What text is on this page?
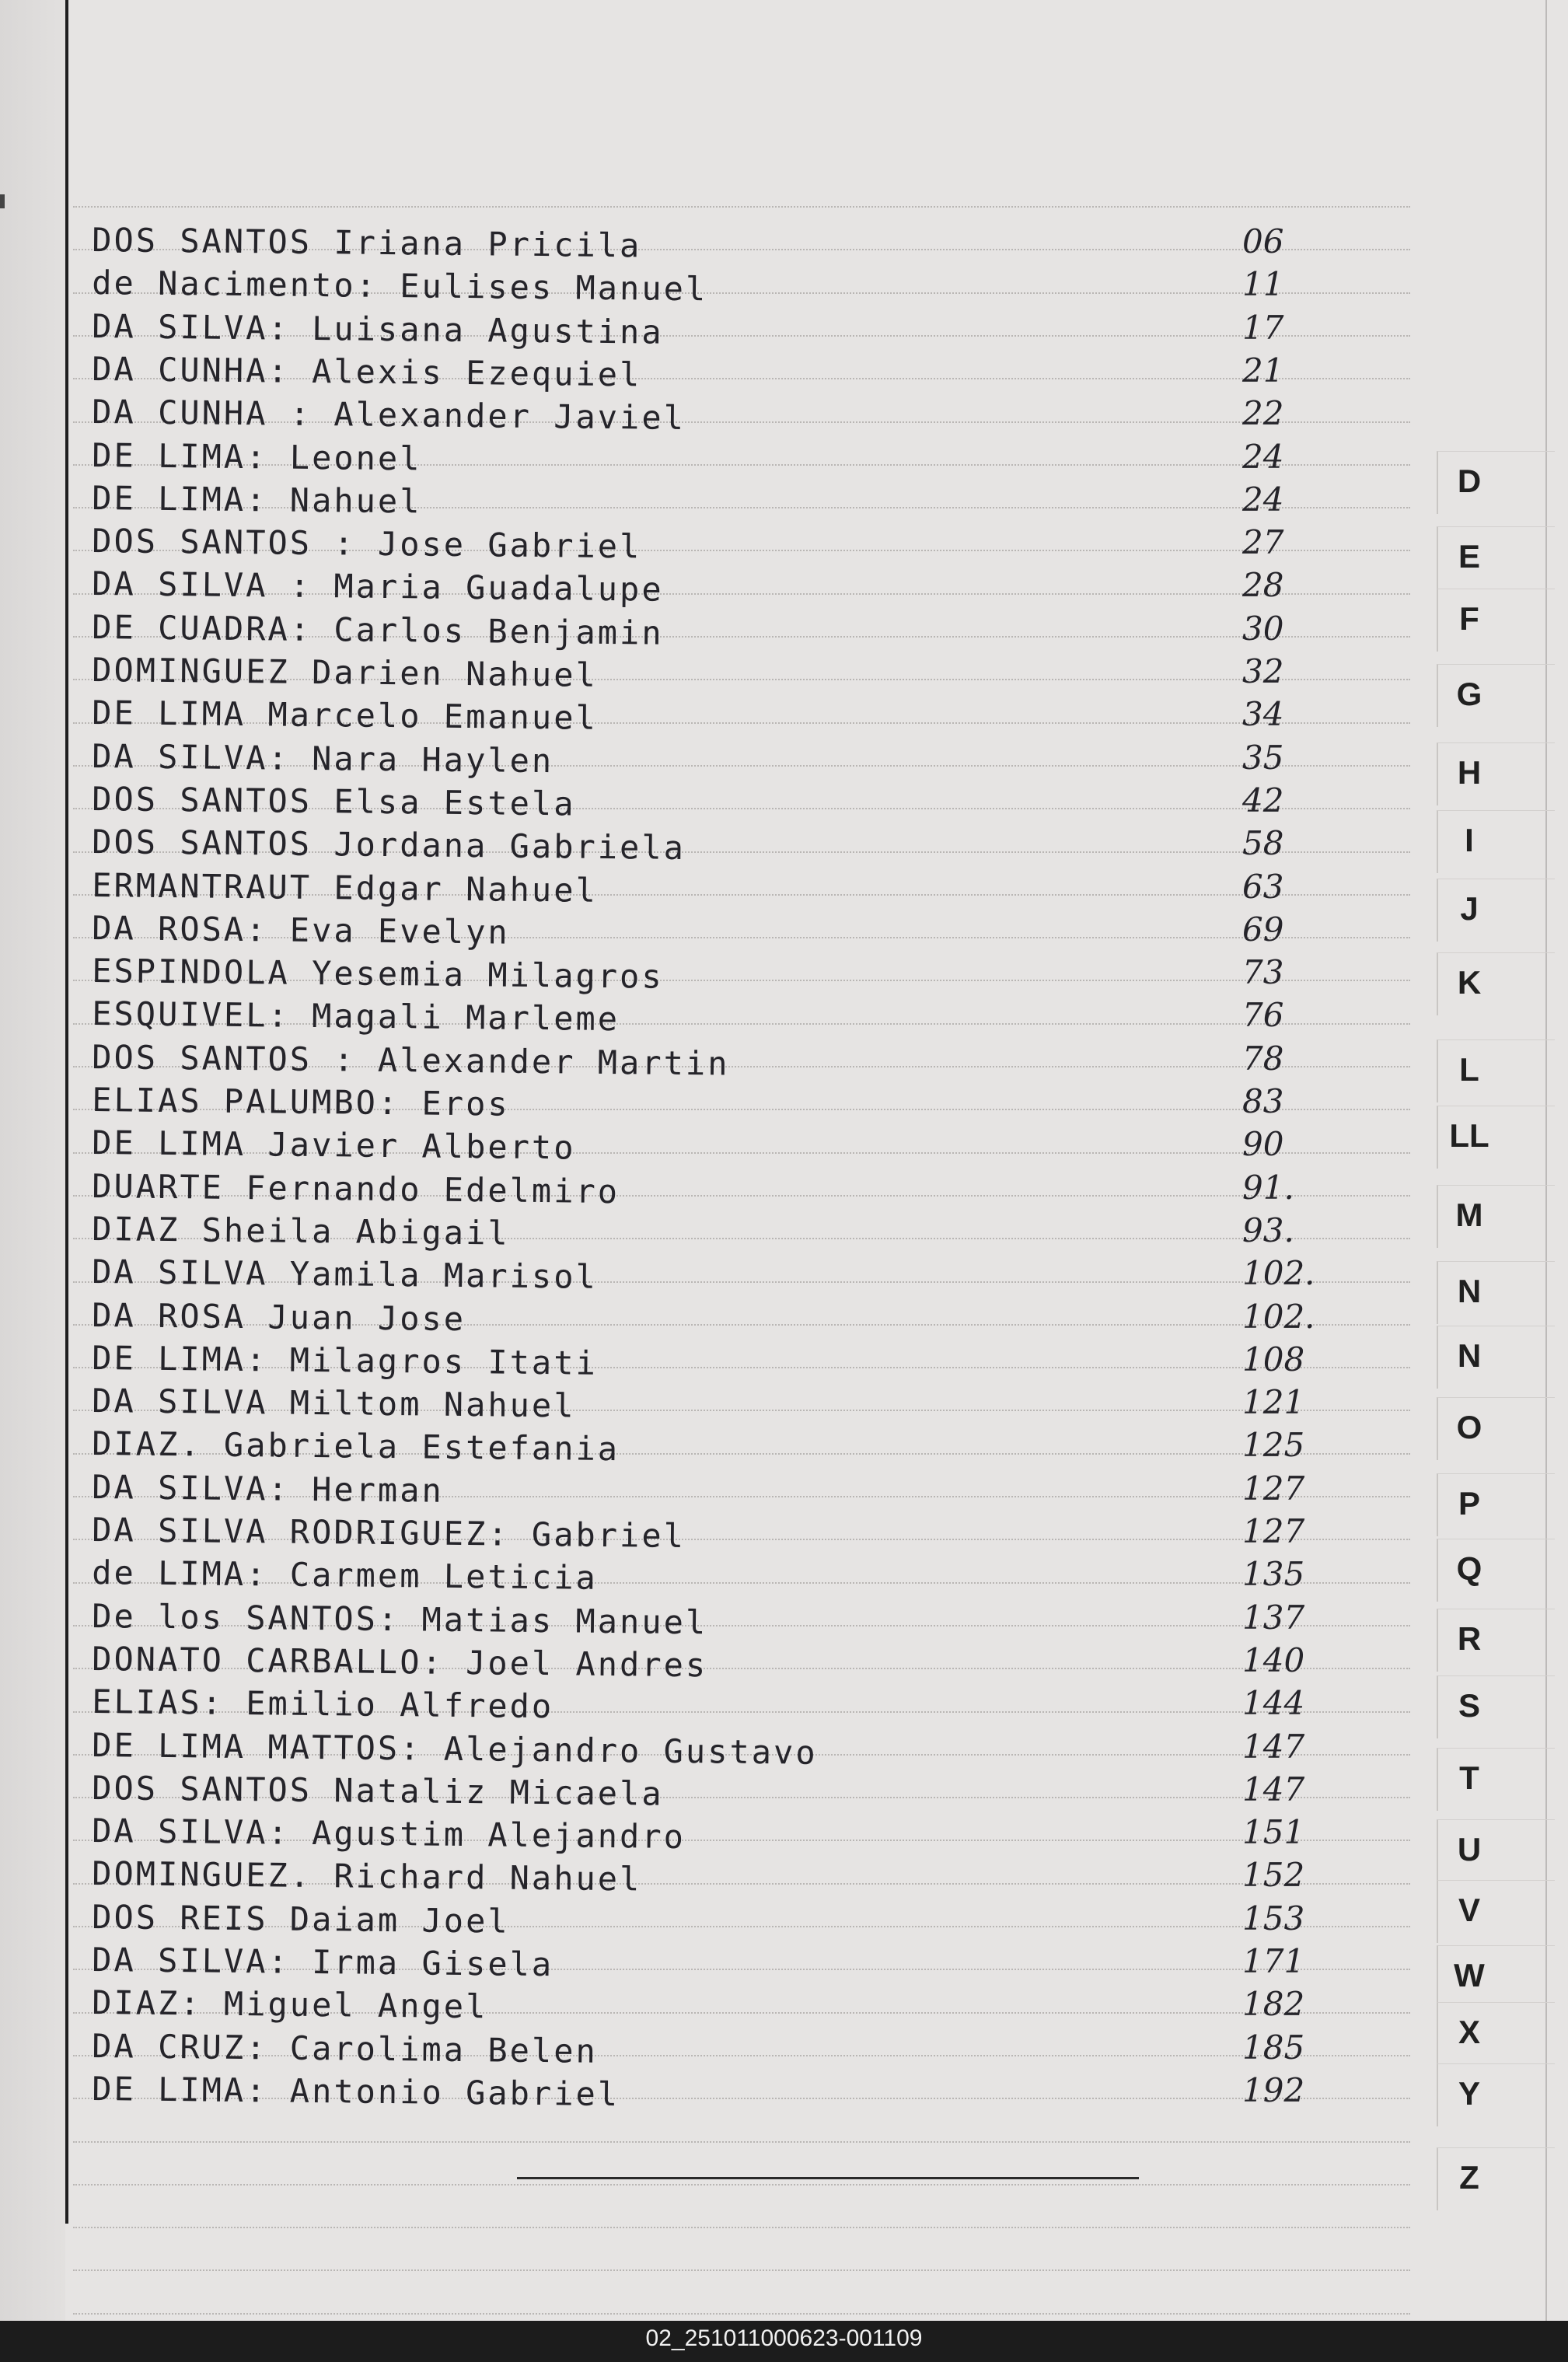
DOS SANTOS Iriana Pricila	06
de Nacimento: Eulises Manuel	11
DA SILVA: Luisana Agustina	17
DA CUNHA: Alexis Ezequiel	21
DA CUNHA : Alexander Javiel	22
DE LIMA: Leonel	24
DE LIMA: Nahuel	24
DOS SANTOS : Jose Gabriel	27
DA SILVA : Maria Guadalupe	28
DE CUADRA: Carlos Benjamin	30
DOMINGUEZ Darien Nahuel	32
DE LIMA Marcelo Emanuel	34
DA SILVA: Nara Haylen	35
DOS SANTOS Elsa Estela	42
DOS SANTOS Jordana Gabriela	58
ERMANTRAUT Edgar Nahuel	63
DA ROSA: Eva Evelyn	69
ESPINDOLA Yesemia Milagros	73
ESQUIVEL: Magali Marleme	76
DOS SANTOS : Alexander Martin	78
ELIAS PALUMBO: Eros	83
DE LIMA Javier Alberto	90
DUARTE Fernando Edelmiro	91.
DIAZ Sheila Abigail	93.
DA SILVA Yamila Marisol	102.
DA ROSA Juan Jose	102.
DE LIMA: Milagros Itati	108
DA SILVA Miltom Nahuel	121
DIAZ. Gabriela Estefania	125
DA SILVA: Herman	127
DA SILVA RODRIGUEZ: Gabriel	127
de LIMA: Carmem Leticia	135
De los SANTOS: Matias Manuel	137
DONATO CARBALLO: Joel Andres	140
ELIAS: Emilio Alfredo	144
DE LIMA MATTOS: Alejandro Gustavo	147
DOS SANTOS Nataliz Micaela	147
DA SILVA: Agustim Alejandro	151
DOMINGUEZ. Richard Nahuel	152
DOS REIS Daiam Joel	153
DA SILVA: Irma Gisela	171
DIAZ: Miguel Angel	182
DA CRUZ: Carolima Belen	185
DE LIMA: Antonio Gabriel	192
D
E
F
G
H
I
J
K
L
LL
M
N
N
O
P
Q
R
S
T
U
V
W
X
Y
Z
02_251011000623-001109
